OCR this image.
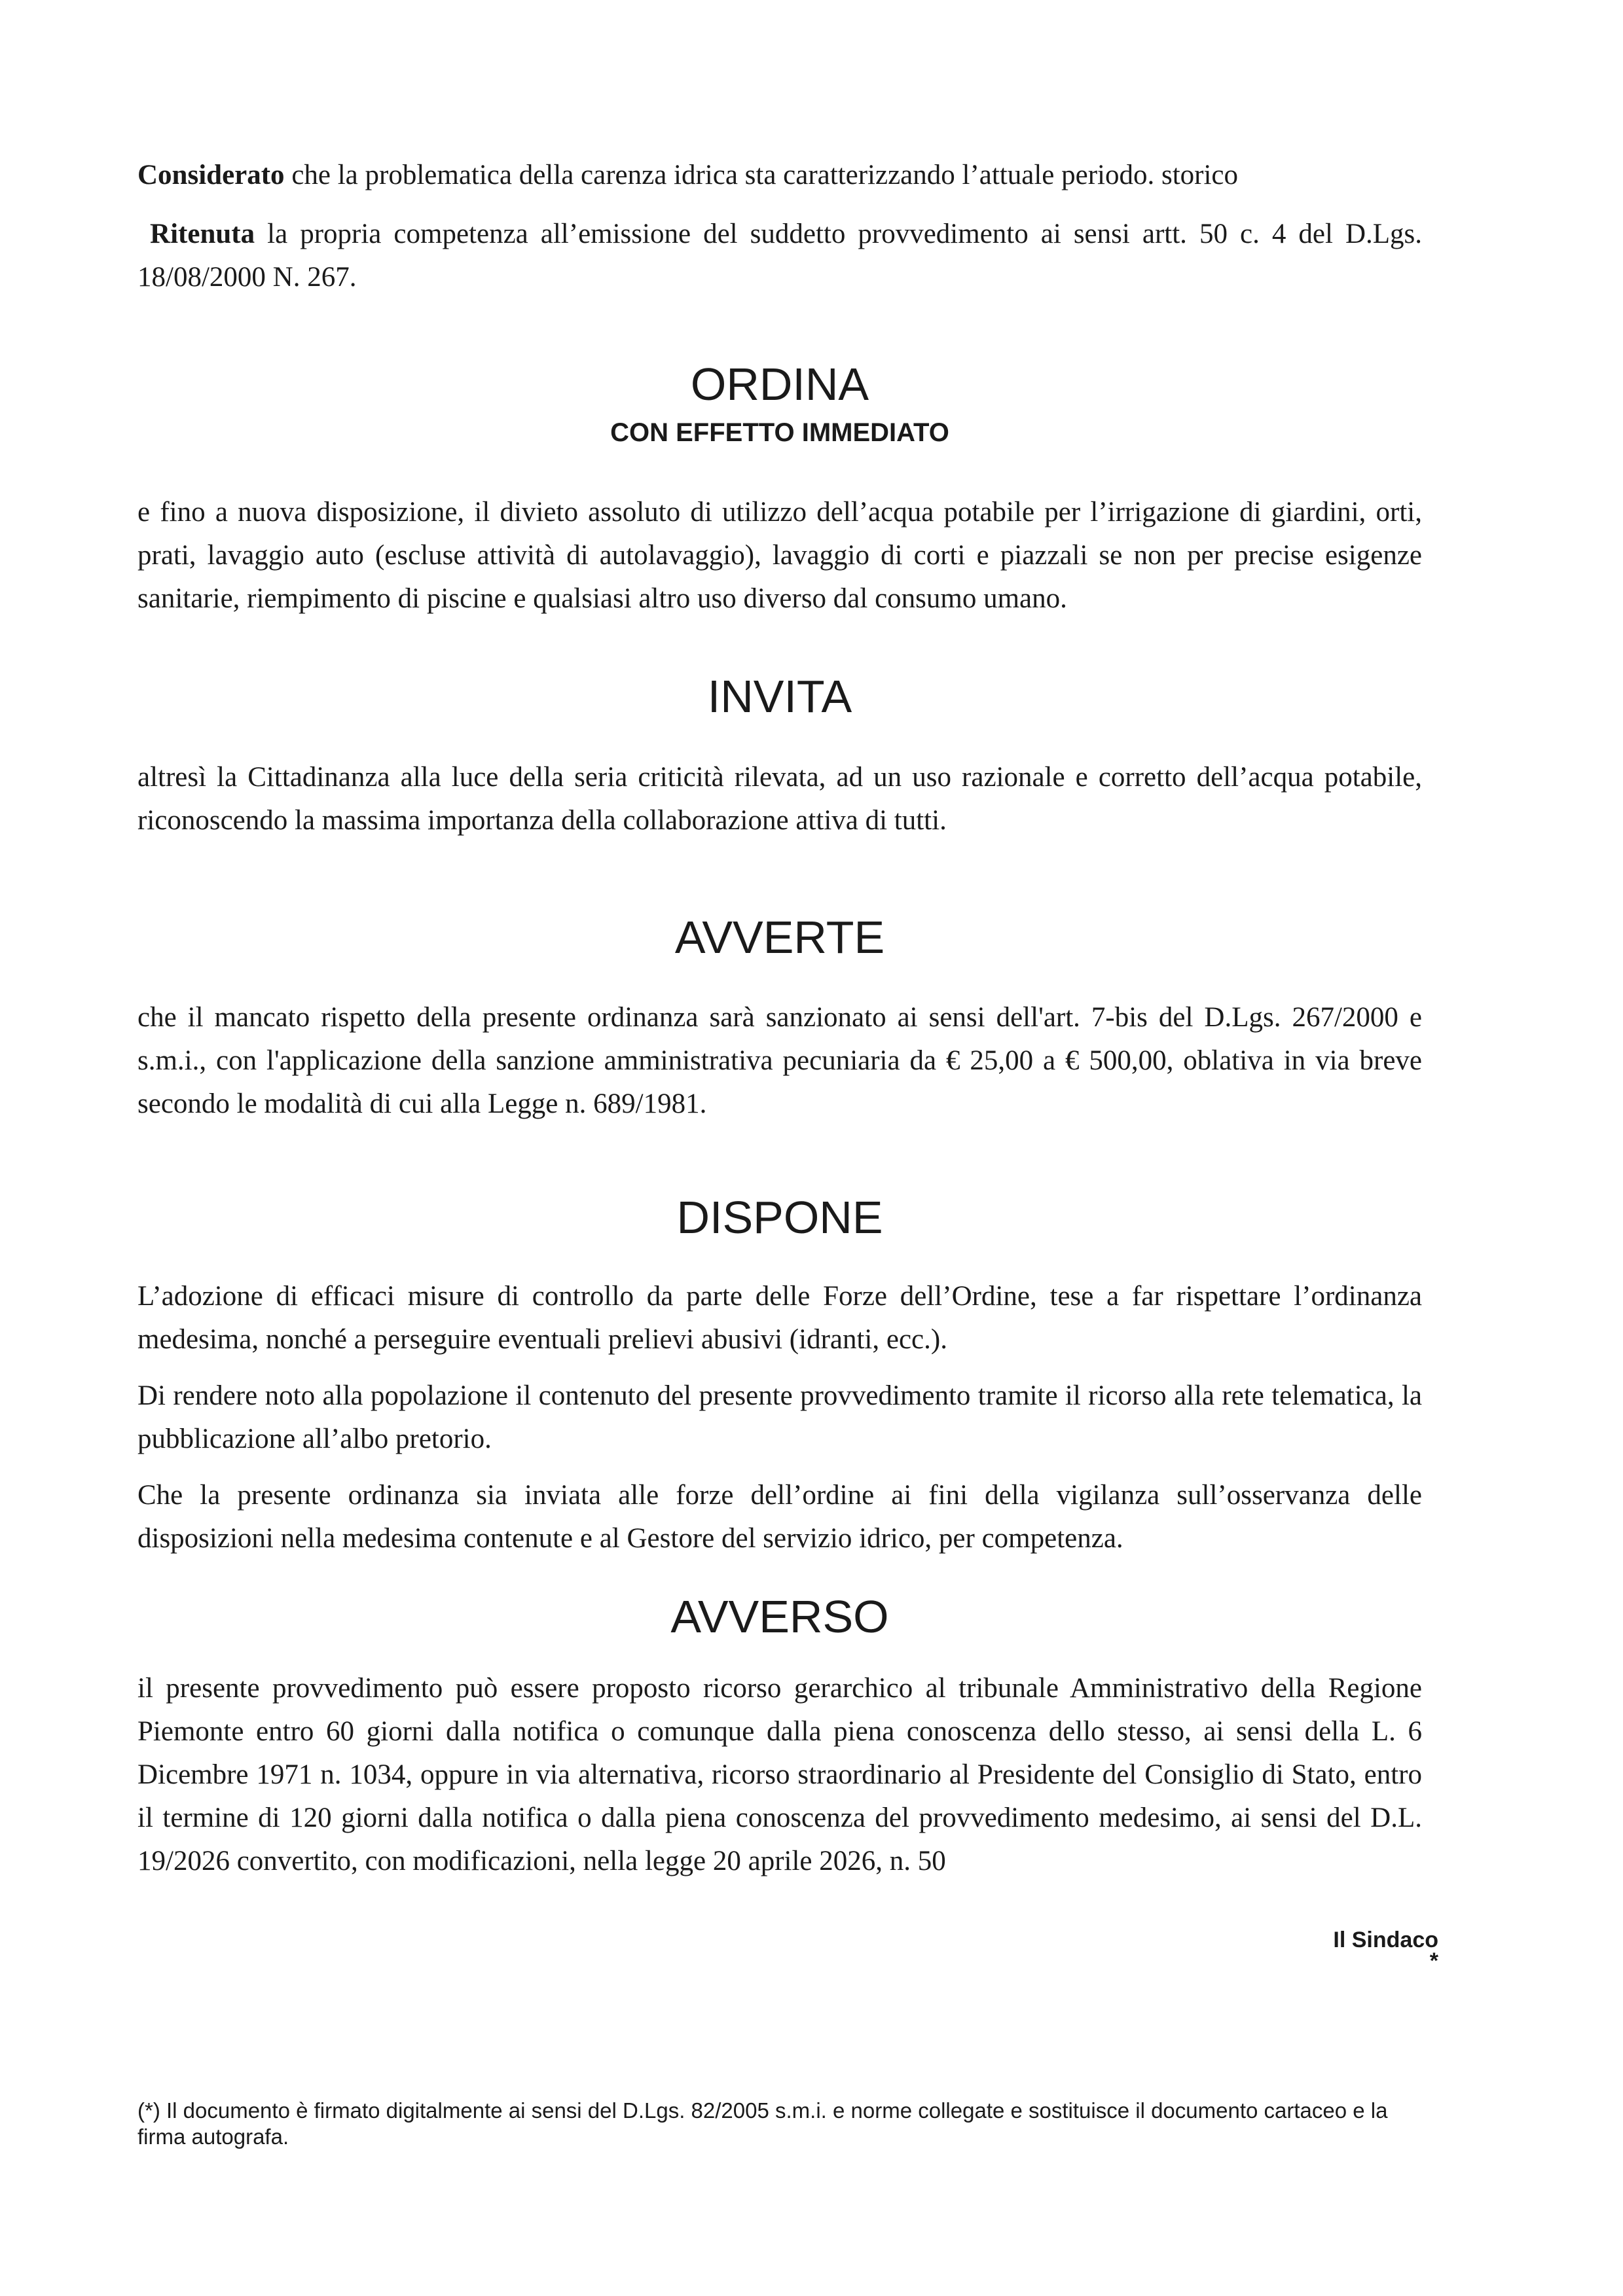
Considerato che la problematica della carenza idrica sta caratterizzando l’attuale periodo. storico

Ritenuta la propria competenza all’emissione del suddetto provvedimento ai sensi artt. 50 c. 4 del D.Lgs. 18/08/2000 N. 267.

ORDINA
CON EFFETTO IMMEDIATO

e fino a nuova disposizione, il divieto assoluto di utilizzo dell’acqua potabile per l’irrigazione di giardini, orti, prati, lavaggio auto (escluse attività di autolavaggio), lavaggio di corti e piazzali se non per precise esigenze sanitarie, riempimento di piscine e qualsiasi altro uso diverso dal consumo umano.

INVITA

altresì la Cittadinanza alla luce della seria criticità rilevata, ad un uso razionale e corretto dell’acqua potabile, riconoscendo la massima importanza della collaborazione attiva di tutti.

AVVERTE

che il mancato rispetto della presente ordinanza sarà sanzionato ai sensi dell'art. 7-bis del D.Lgs. 267/2000 e s.m.i., con l'applicazione della sanzione amministrativa pecuniaria da € 25,00 a € 500,00, oblativa in via breve secondo le modalità di cui alla Legge n. 689/1981.

DISPONE

L’adozione di efficaci misure di controllo da parte delle Forze dell’Ordine, tese a far rispettare l’ordinanza medesima, nonché a perseguire eventuali prelievi abusivi (idranti, ecc.).

Di rendere noto alla popolazione il contenuto del presente provvedimento tramite il ricorso alla rete telematica, la pubblicazione all’albo pretorio.

Che la presente ordinanza sia inviata alle forze dell’ordine ai fini della vigilanza sull’osservanza delle disposizioni nella medesima contenute e al Gestore del servizio idrico, per competenza.

AVVERSO

il presente provvedimento può essere proposto ricorso gerarchico al tribunale Amministrativo della Regione Piemonte entro 60 giorni dalla notifica o comunque dalla piena conoscenza dello stesso, ai sensi della L. 6 Dicembre 1971 n. 1034, oppure in via alternativa, ricorso straordinario al Presidente del Consiglio di Stato, entro il termine di 120 giorni dalla notifica o dalla piena conoscenza del provvedimento medesimo, ai sensi del D.L. 19/2026 convertito, con modificazioni, nella legge 20 aprile 2026, n. 50

Il Sindaco
*

(*) Il documento è firmato digitalmente ai sensi del D.Lgs. 82/2005 s.m.i. e norme collegate e sostituisce il documento cartaceo e la firma autografa.
